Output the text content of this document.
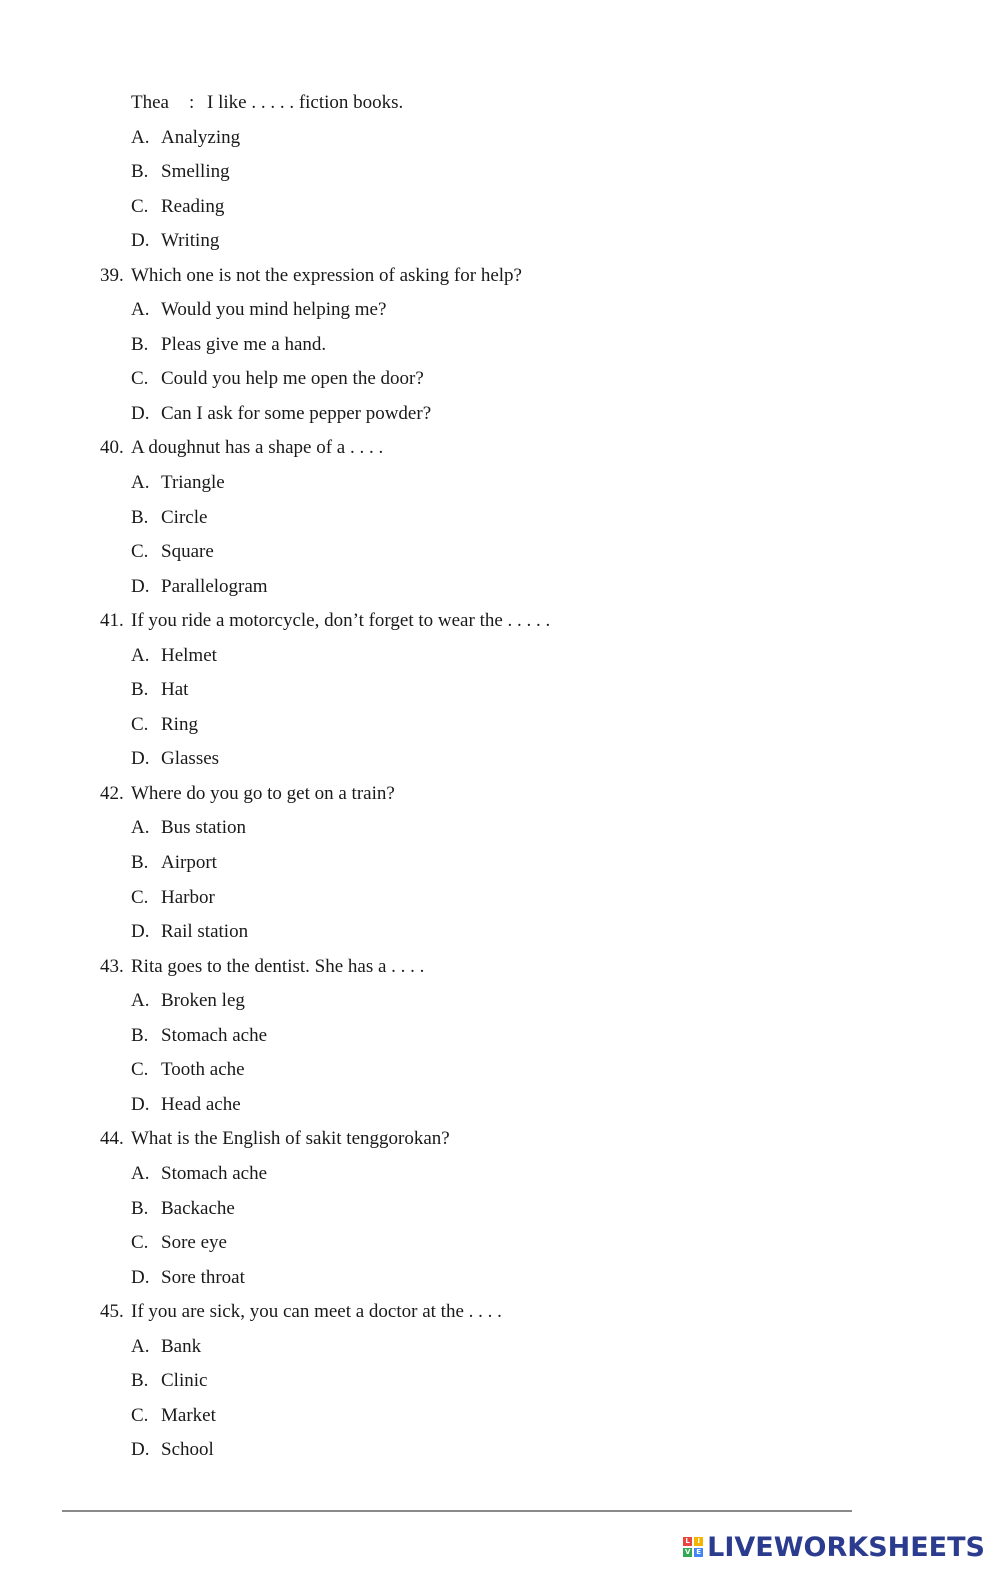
Thea : I like . . . . . fiction books.
A. Analyzing
B. Smelling
C. Reading
D. Writing
39. Which one is not the expression of asking for help?
A. Would you mind helping me?
B. Pleas give me a hand.
C. Could you help me open the door?
D. Can I ask for some pepper powder?
40. A doughnut has a shape of a . . . .
A. Triangle
B. Circle
C. Square
D. Parallelogram
41. If you ride a motorcycle, don’t forget to wear the . . . . .
A. Helmet
B. Hat
C. Ring
D. Glasses
42. Where do you go to get on a train?
A. Bus station
B. Airport
C. Harbor
D. Rail station
43. Rita goes to the dentist. She has a . . . .
A. Broken leg
B. Stomach ache
C. Tooth ache
D. Head ache
44. What is the English of sakit tenggorokan?
A. Stomach ache
B. Backache
C. Sore eye
D. Sore throat
45. If you are sick, you can meet a doctor at the . . . .
A. Bank
B. Clinic
C. Market
D. School
L	I
V E LIVEWORKSHEETS
